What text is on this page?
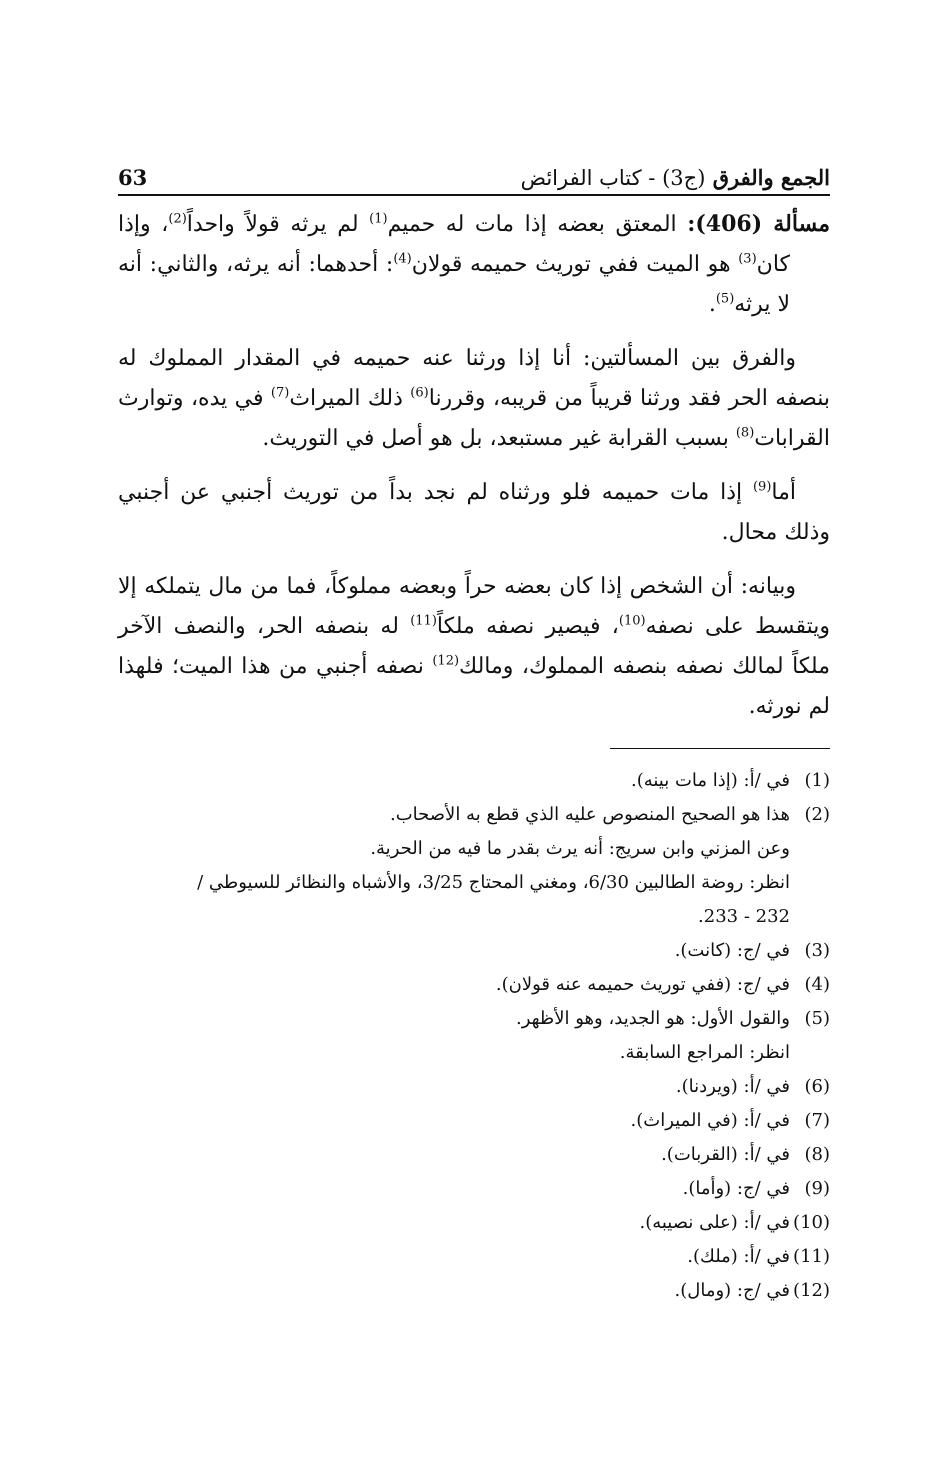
الجمع والفرق (ج3) - كتاب الفرائض
63

مسألة (406): المعتق بعضه إذا مات له حميم$^{(1)}$ لم يرثه قولاً واحداً$^{(2)}$، وإذا كان$^{(3)}$ هو الميت ففي توريث حميمه قولان$^{(4)}$: أحدهما: أنه يرثه، والثاني: أنه لا يرثه$^{(5)}$.

والفرق بين المسألتين: أنا إذا ورثنا عنه حميمه في المقدار المملوك له بنصفه الحر فقد ورثنا قريباً من قريبه، وقررنا$^{(6)}$ ذلك الميراث$^{(7)}$ في يده، وتوارث القرابات$^{(8)}$ بسبب القرابة غير مستبعد، بل هو أصل في التوريث.

أما$^{(9)}$ إذا مات حميمه فلو ورثناه لم نجد بداً من توريث أجنبي عن أجنبي وذلك محال.

وبيانه: أن الشخص إذا كان بعضه حراً وبعضه مملوكاً، فما من مال يتملكه إلا ويتقسط على نصفه$^{(10)}$، فيصير نصفه ملكاً$^{(11)}$ له بنصفه الحر، والنصف الآخر ملكاً لمالك نصفه بنصفه المملوك، ومالك$^{(12)}$ نصفه أجنبي من هذا الميت؛ فلهذا لم نورثه.

(1)
في /أ: (إذا مات بينه).
(2)
هذا هو الصحيح المنصوص عليه الذي قطع به الأصحاب.
وعن المزني وابن سريج: أنه يرث بقدر ما فيه من الحرية.
انظر: روضة الطالبين 6/30، ومغني المحتاج 3/25، والأشباه والنظائر للسيوطي /
232 - 233.
(3)
في /ج: (كانت).
(4)
في /ج: (ففي توريث حميمه عنه قولان).
(5)
والقول الأول: هو الجديد، وهو الأظهر.
انظر: المراجع السابقة.
(6)
في /أ: (ويردنا).
(7)
في /أ: (في الميراث).
(8)
في /أ: (القربات).
(9)
في /ج: (وأما).
(10)
في /أ: (على نصيبه).
(11)
في /أ: (ملك).
(12)
في /ج: (ومال).
